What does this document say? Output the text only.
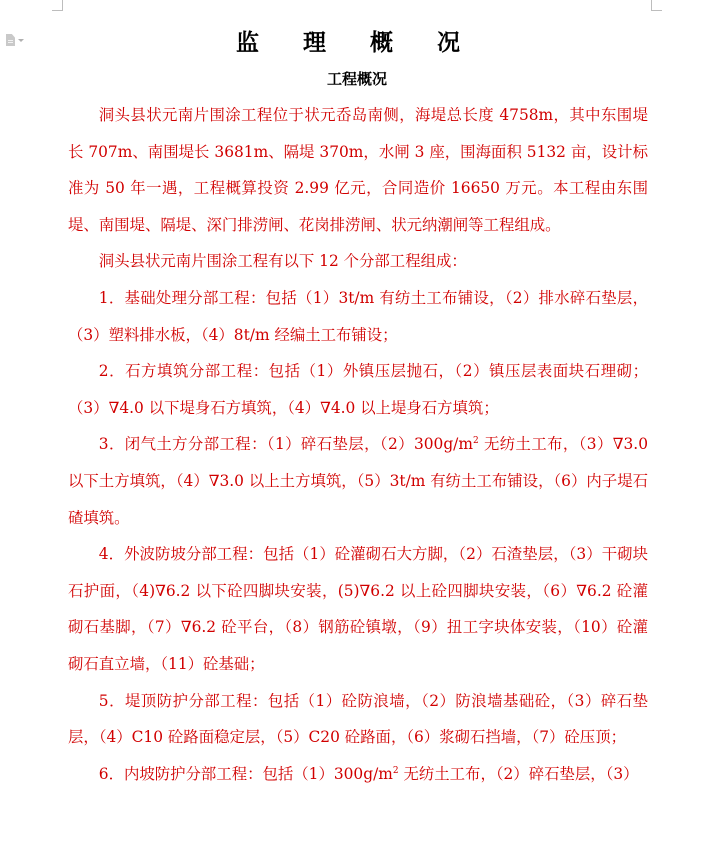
监 理 概 况
工程概况

洞头县状元南片围涂工程位于状元岙岛南侧，海堤总长度 4758m，其中东围堤长 707m、南围堤长 3681m、隔堤 370m，水闸 3 座，围海面积 5132 亩，设计标准为 50 年一遇，工程概算投资 2.99 亿元，合同造价 16650 万元。本工程由东围堤、南围堤、隔堤、深门排涝闸、花岗排涝闸、状元纳潮闸等工程组成。

洞头县状元南片围涂工程有以下 12 个分部工程组成：

1．基础处理分部工程：包括（1）3t/m 有纺土工布铺设，（2）排水碎石垫层，（3）塑料排水板，（4）8t/m 经编土工布铺设；

2．石方填筑分部工程：包括（1）外镇压层抛石，（2）镇压层表面块石理砌；（3）∇4.0 以下堤身石方填筑，（4）∇4.0 以上堤身石方填筑；

3．闭气土方分部工程：（1）碎石垫层，$(2)300g/m^2$ 无纺土工布，（3）∇3.0 以下土方填筑，（4）∇3.0 以上土方填筑，（5）3t/m 有纺土工布铺设，（6）内子堤石碴填筑。

4．外波防坡分部工程：包括（1）砼灌砌石大方脚，（2）石渣垫层，（3）干砌块石护面，（4)∇6.2 以下砼四脚块安装，(5)∇6.2 以上砼四脚块安装，（6）∇6.2 砼灌砌石基脚，（7）∇6.2 砼平台，（8）钢筋砼镇墩，（9）扭工字块体安装，（10）砼灌砌石直立墙，（11）砼基础；

5．堤顶防护分部工程：包括（1）砼防浪墙，（2）防浪墙基础砼，（3）碎石垫层，（4）C10 砼路面稳定层，（5）C20 砼路面，（6）浆砌石挡墙，（7）砼压顶；

6．内坡防护分部工程：包括$(1)300g/m^2$ 无纺土工布，（2）碎石垫层，（3）
